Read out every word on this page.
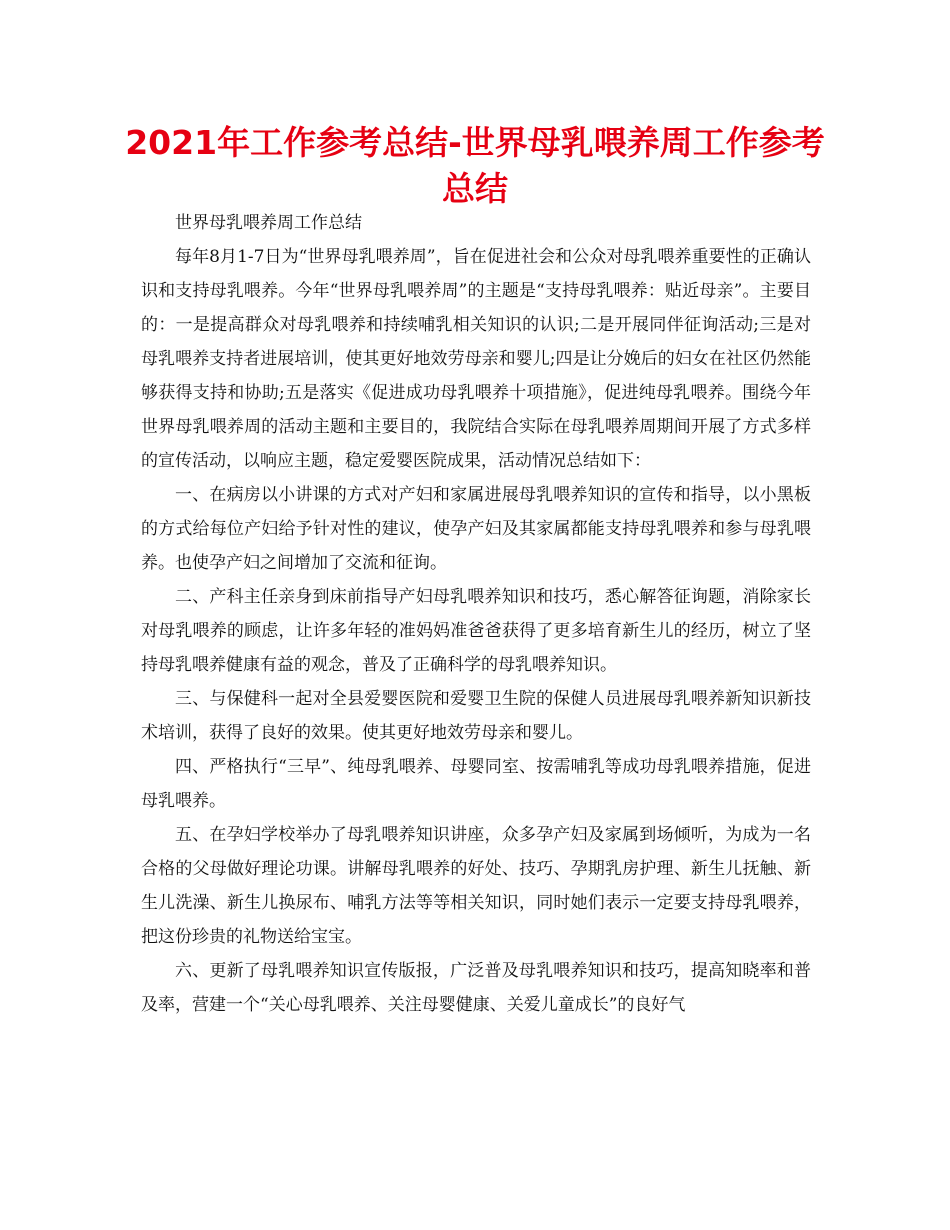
2021年工作参考总结-世界母乳喂养周工作参考总结

世界母乳喂养周工作总结

每年8月1-7日为“世界母乳喂养周”，旨在促进社会和公众对母乳喂养重要性的正确认识和支持母乳喂养。今年“世界母乳喂养周”的主题是“支持母乳喂养：贴近母亲”。主要目的：一是提高群众对母乳喂养和持续哺乳相关知识的认识;二是开展同伴征询活动;三是对母乳喂养支持者进展培训，使其更好地效劳母亲和婴儿;四是让分娩后的妇女在社区仍然能够获得支持和协助;五是落实《促进成功母乳喂养十项措施》，促进纯母乳喂养。围绕今年世界母乳喂养周的活动主题和主要目的，我院结合实际在母乳喂养周期间开展了方式多样的宣传活动，以响应主题，稳定爱婴医院成果，活动情况总结如下：

一、在病房以小讲课的方式对产妇和家属进展母乳喂养知识的宣传和指导，以小黑板的方式给每位产妇给予针对性的建议，使孕产妇及其家属都能支持母乳喂养和参与母乳喂养。也使孕产妇之间增加了交流和征询。

二、产科主任亲身到床前指导产妇母乳喂养知识和技巧，悉心解答征询题，消除家长对母乳喂养的顾虑，让许多年轻的准妈妈准爸爸获得了更多培育新生儿的经历，树立了坚持母乳喂养健康有益的观念，普及了正确科学的母乳喂养知识。

三、与保健科一起对全县爱婴医院和爱婴卫生院的保健人员进展母乳喂养新知识新技术培训，获得了良好的效果。使其更好地效劳母亲和婴儿。

四、严格执行“三早”、纯母乳喂养、母婴同室、按需哺乳等成功母乳喂养措施，促进母乳喂养。

五、在孕妇学校举办了母乳喂养知识讲座，众多孕产妇及家属到场倾听，为成为一名合格的父母做好理论功课。讲解母乳喂养的好处、技巧、孕期乳房护理、新生儿抚触、新生儿洗澡、新生儿换尿布、哺乳方法等等相关知识，同时她们表示一定要支持母乳喂养，把这份珍贵的礼物送给宝宝。

六、更新了母乳喂养知识宣传版报，广泛普及母乳喂养知识和技巧，提高知晓率和普及率，营建一个“关心母乳喂养、关注母婴健康、关爱儿童成长”的良好气
